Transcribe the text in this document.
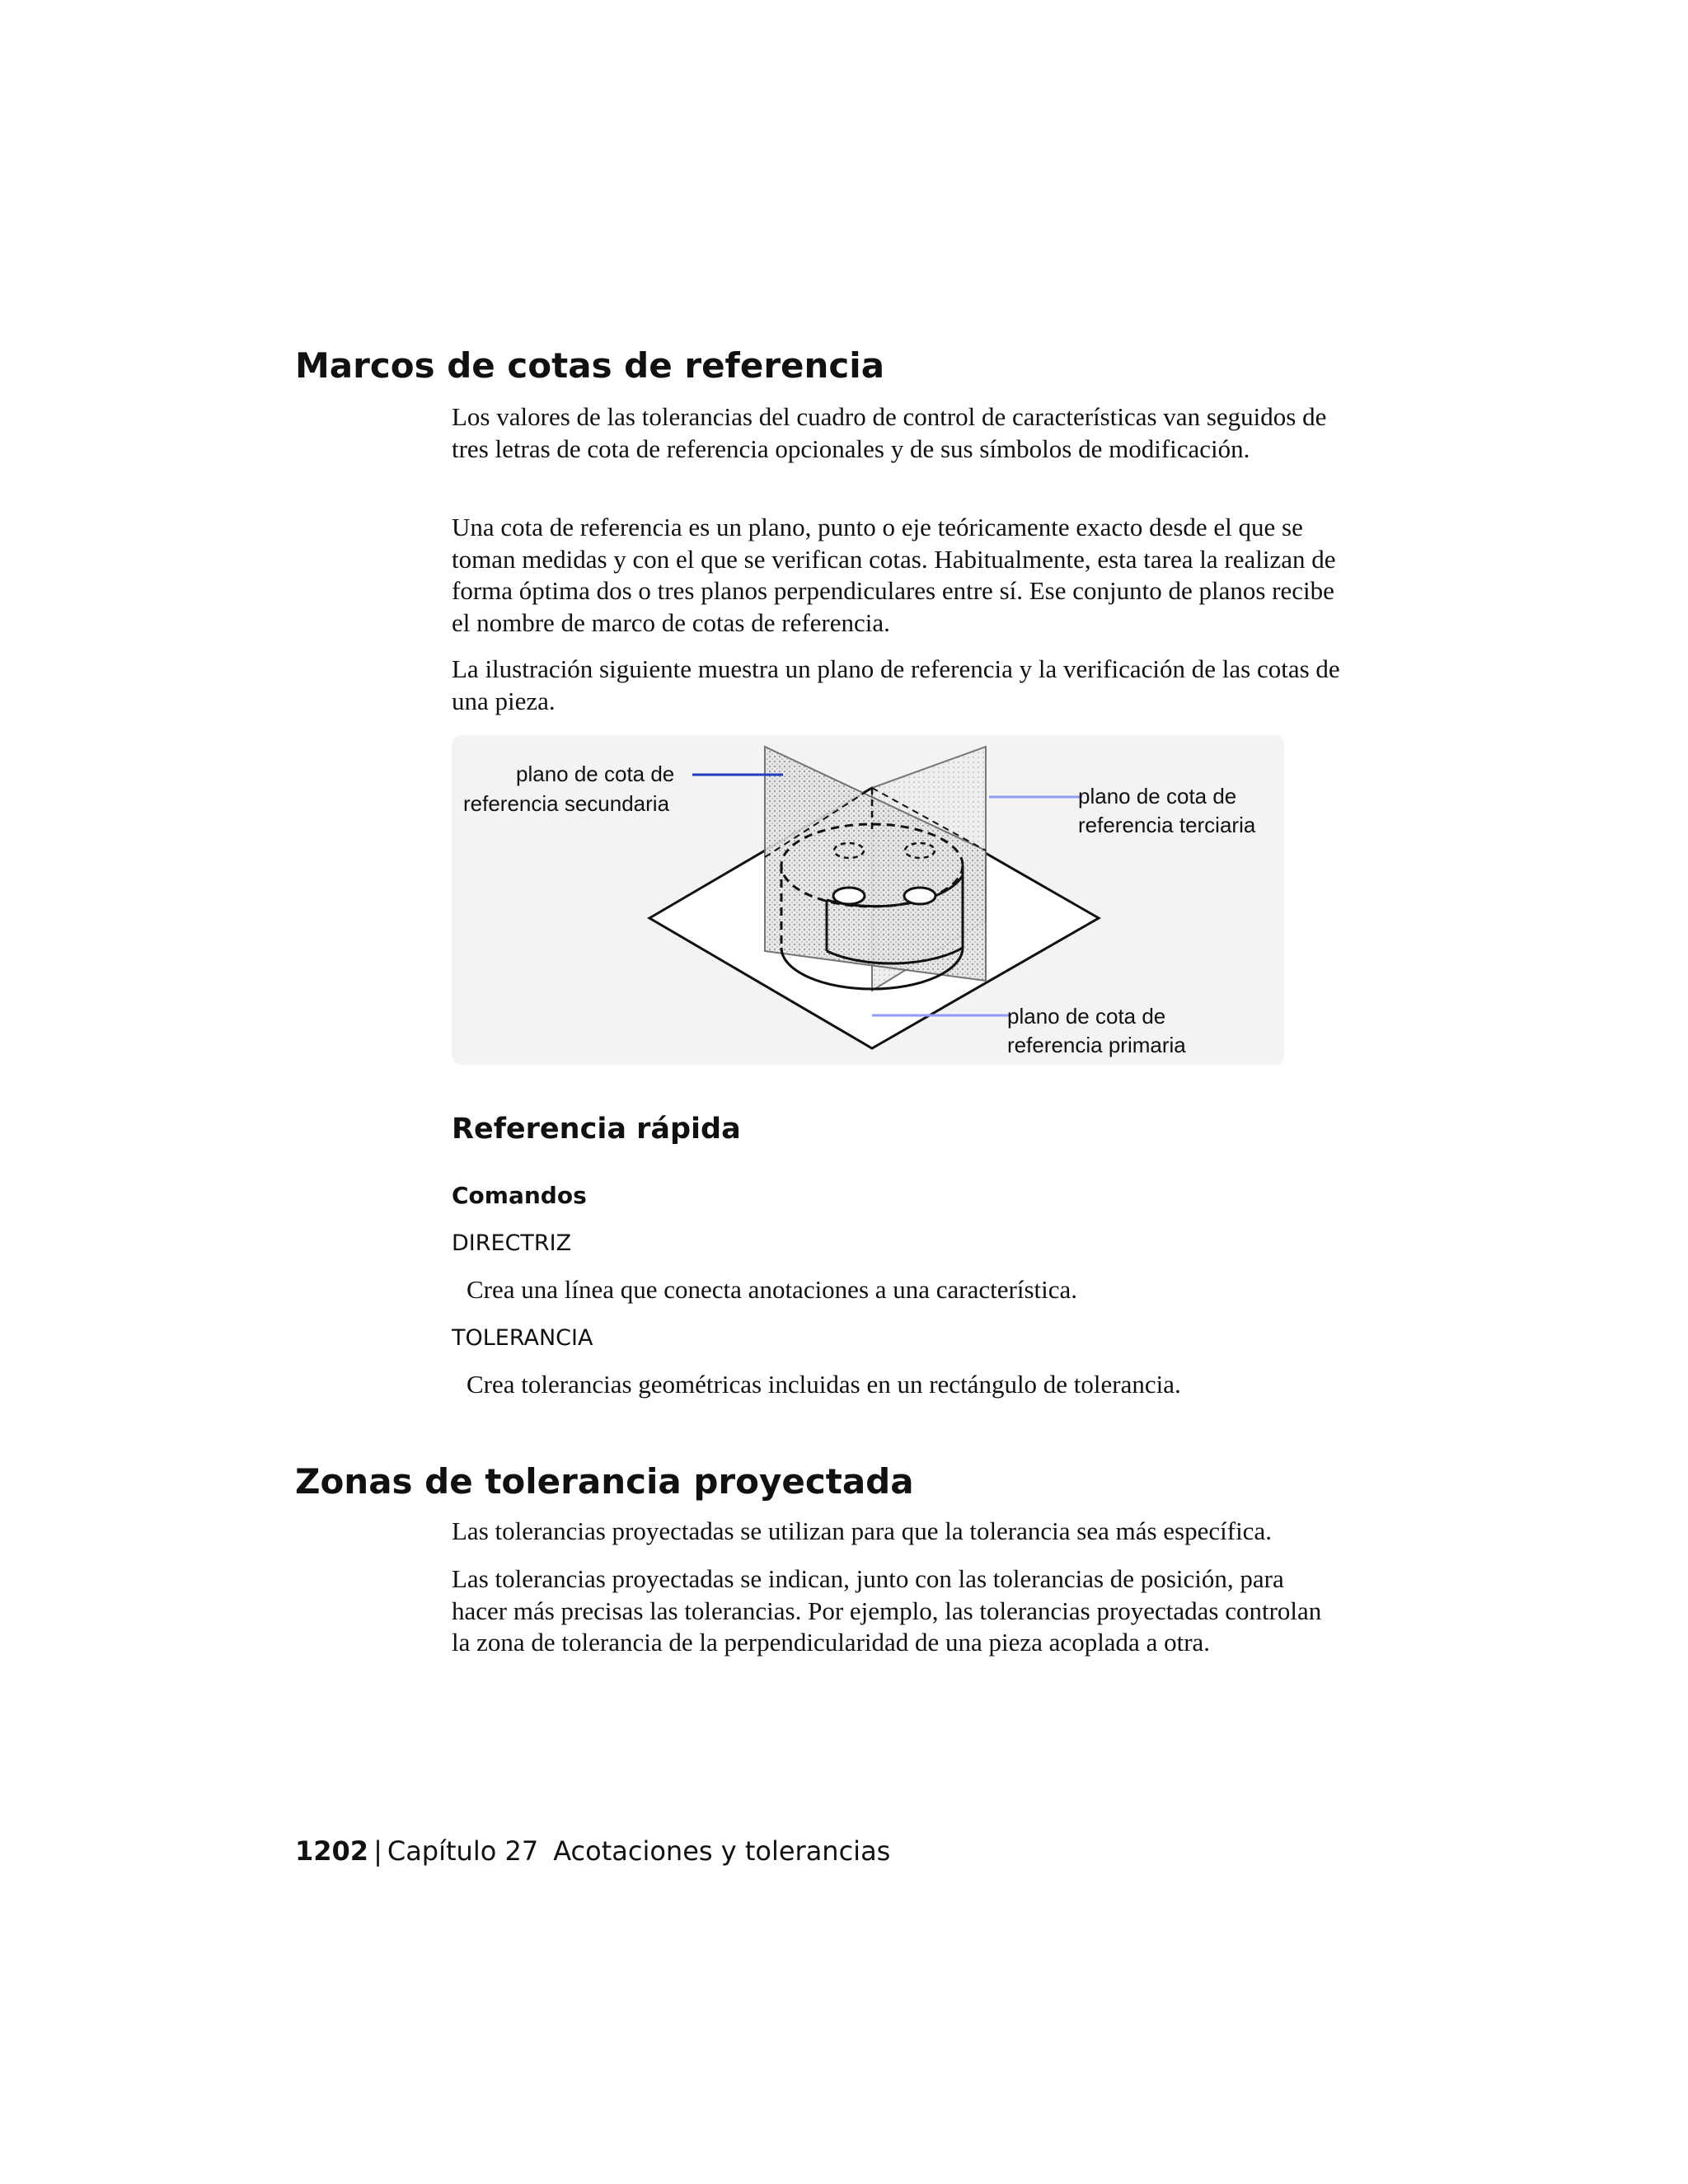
Marcos de cotas de referencia

Los valores de las tolerancias del cuadro de control de características van seguidos de tres letras de cota de referencia opcionales y de sus símbolos de modificación.

Una cota de referencia es un plano, punto o eje teóricamente exacto desde el que se toman medidas y con el que se verifican cotas. Habitualmente, esta tarea la realizan de forma óptima dos o tres planos perpendiculares entre sí. Ese conjunto de planos recibe el nombre de marco de cotas de referencia.

La ilustración siguiente muestra un plano de referencia y la verificación de las cotas de una pieza.

plano de cota de
referencia secundaria	plano de cota de
referencia terciaria
plano de cota de
referencia primaria
Referencia rápida

Comandos

DIRECTRIZ

Crea una línea que conecta anotaciones a una característica.

TOLERANCIA

Crea tolerancias geométricas incluidas en un rectángulo de tolerancia.

Zonas de tolerancia proyectada

Las tolerancias proyectadas se utilizan para que la tolerancia sea más específica.

Las tolerancias proyectadas se indican, junto con las tolerancias de posición, para hacer más precisas las tolerancias. Por ejemplo, las tolerancias proyectadas controlan la zona de tolerancia de la perpendicularidad de una pieza acoplada a otra.

1202 | Capítulo 27 Acotaciones y tolerancias
